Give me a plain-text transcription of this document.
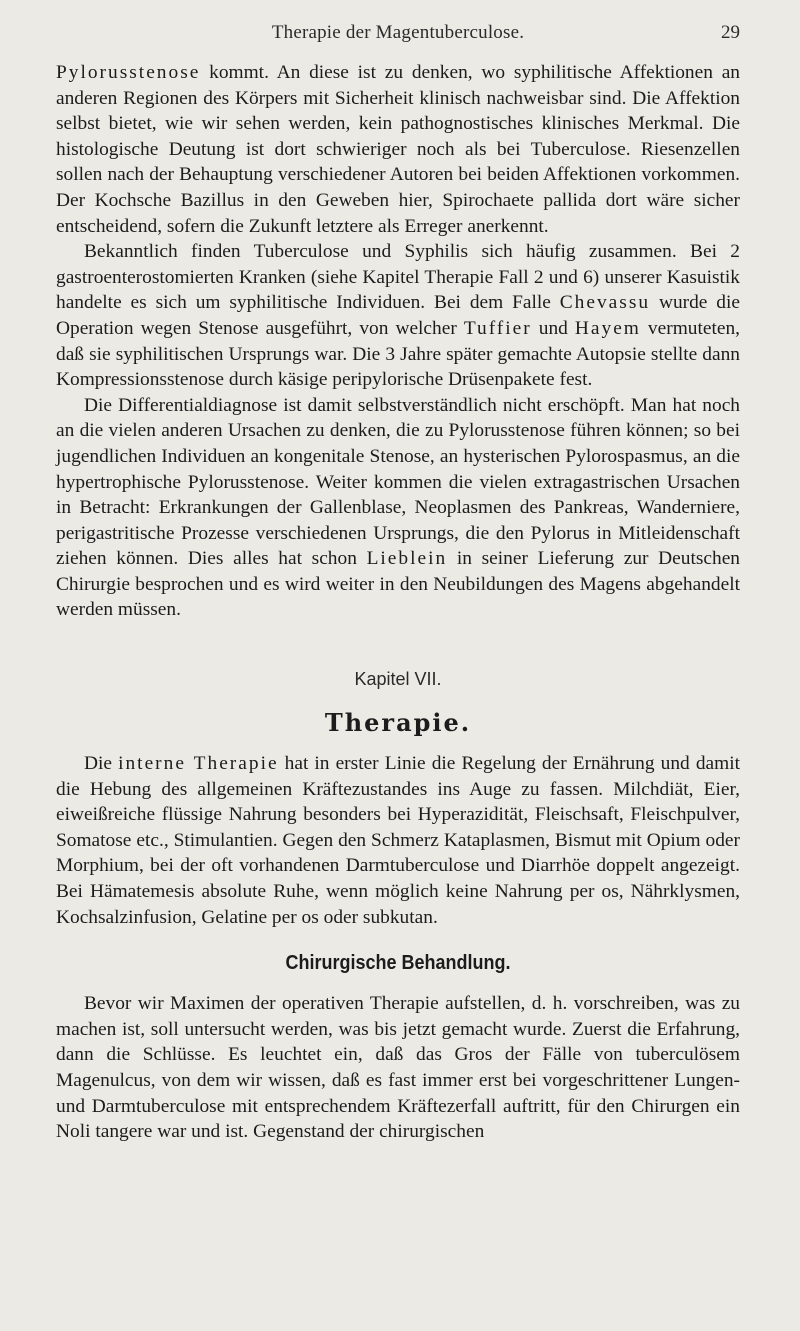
Therapie der Magentuberculose.	29

Pylorusstenose kommt. An diese ist zu denken, wo syphilitische Affektionen an anderen Regionen des Körpers mit Sicherheit klinisch nachweisbar sind. Die Affektion selbst bietet, wie wir sehen werden, kein pathognostisches klinisches Merkmal. Die histologische Deutung ist dort schwieriger noch als bei Tuberculose. Riesenzellen sollen nach der Behauptung verschiedener Autoren bei beiden Affektionen vorkommen. Der Kochsche Bazillus in den Geweben hier, Spirochaete pallida dort wäre sicher entscheidend, sofern die Zukunft letztere als Erreger anerkennt.

Bekanntlich finden Tuberculose und Syphilis sich häufig zusammen. Bei 2 gastroenterostomierten Kranken (siehe Kapitel Therapie Fall 2 und 6) unserer Kasuistik handelte es sich um syphilitische Individuen. Bei dem Falle Chevassu wurde die Operation wegen Stenose ausgeführt, von welcher Tuffier und Hayem vermuteten, daß sie syphilitischen Ursprungs war. Die 3 Jahre später gemachte Autopsie stellte dann Kompressionsstenose durch käsige peripylorische Drüsenpakete fest.

Die Differentialdiagnose ist damit selbstverständlich nicht erschöpft. Man hat noch an die vielen anderen Ursachen zu denken, die zu Pylorusstenose führen können; so bei jugendlichen Individuen an kongenitale Stenose, an hysterischen Pylorospasmus, an die hypertrophische Pylorusstenose. Weiter kommen die vielen extragastrischen Ursachen in Betracht: Erkrankungen der Gallenblase, Neoplasmen des Pankreas, Wanderniere, perigastritische Prozesse verschiedenen Ursprungs, die den Pylorus in Mitleidenschaft ziehen können. Dies alles hat schon Lieblein in seiner Lieferung zur Deutschen Chirurgie besprochen und es wird weiter in den Neubildungen des Magens abgehandelt werden müssen.

Kapitel VII.
Therapie.

Die interne Therapie hat in erster Linie die Regelung der Ernährung und damit die Hebung des allgemeinen Kräftezustandes ins Auge zu fassen. Milchdiät, Eier, eiweißreiche flüssige Nahrung besonders bei Hyperazidität, Fleischsaft, Fleischpulver, Somatose etc., Stimulantien. Gegen den Schmerz Kataplasmen, Bismut mit Opium oder Morphium, bei der oft vorhandenen Darmtuberculose und Diarrhöe doppelt angezeigt. Bei Hämatemesis absolute Ruhe, wenn möglich keine Nahrung per os, Nährklysmen, Kochsalzinfusion, Gelatine per os oder subkutan.

Chirurgische Behandlung.

Bevor wir Maximen der operativen Therapie aufstellen, d. h. vorschreiben, was zu machen ist, soll untersucht werden, was bis jetzt gemacht wurde. Zuerst die Erfahrung, dann die Schlüsse. Es leuchtet ein, daß das Gros der Fälle von tuberculösem Magenulcus, von dem wir wissen, daß es fast immer erst bei vorgeschrittener Lungen- und Darmtuberculose mit entsprechendem Kräftezerfall auftritt, für den Chirurgen ein Noli tangere war und ist. Gegenstand der chirurgischen
